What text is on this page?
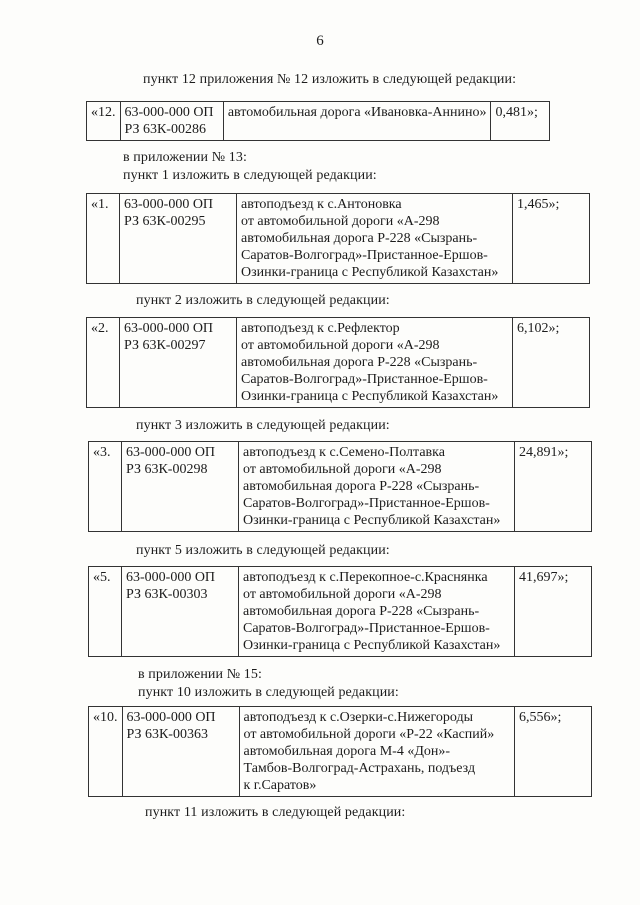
6
пункт 12 приложения № 12 изложить в следующей редакции:
«12.	63-000-000 ОП
РЗ 63К-00286

автомобильная дорога «Ивановка-Аннино»	0,481»;
в приложении № 13:
пункт 1 изложить в следующей редакции:
«1.	63-000-000 ОП
РЗ 63К-00295

автоподъезд к с.Антоновка
от автомобильной дороги «А-298
автомобильная дорога Р-228 «Сызрань-
Саратов-Волгоград»-Пристанное-Ершов-
Озинки-граница с Республикой Казахстан»
	1,465»;
пункт 2 изложить в следующей редакции:
«2.	63-000-000 ОП
РЗ 63К-00297

автоподъезд к с.Рефлектор
от автомобильной дороги «А-298
автомобильная дорога Р-228 «Сызрань-
Саратов-Волгоград»-Пристанное-Ершов-
Озинки-граница с Республикой Казахстан»
	6,102»;
пункт 3 изложить в следующей редакции:
«3.	63-000-000 ОП
РЗ 63К-00298

автоподъезд к с.Семено-Полтавка
от автомобильной дороги «А-298
автомобильная дорога Р-228 «Сызрань-
Саратов-Волгоград»-Пристанное-Ершов-
Озинки-граница с Республикой Казахстан»
	24,891»;
пункт 5 изложить в следующей редакции:
«5.	63-000-000 ОП
РЗ 63К-00303

автоподъезд к с.Перекопное-с.Краснянка
от автомобильной дороги «А-298
автомобильная дорога Р-228 «Сызрань-
Саратов-Волгоград»-Пристанное-Ершов-
Озинки-граница с Республикой Казахстан»
	41,697»;
в приложении № 15:
пункт 10 изложить в следующей редакции:
«10.	63-000-000 ОП
РЗ 63К-00363

автоподъезд к с.Озерки-с.Нижегороды
от автомобильной дороги «Р-22 «Каспий»
автомобильная дорога М-4 «Дон»-
Тамбов-Волгоград-Астрахань, подъезд
к г.Саратов»
	6,556»;
пункт 11 изложить в следующей редакции:
